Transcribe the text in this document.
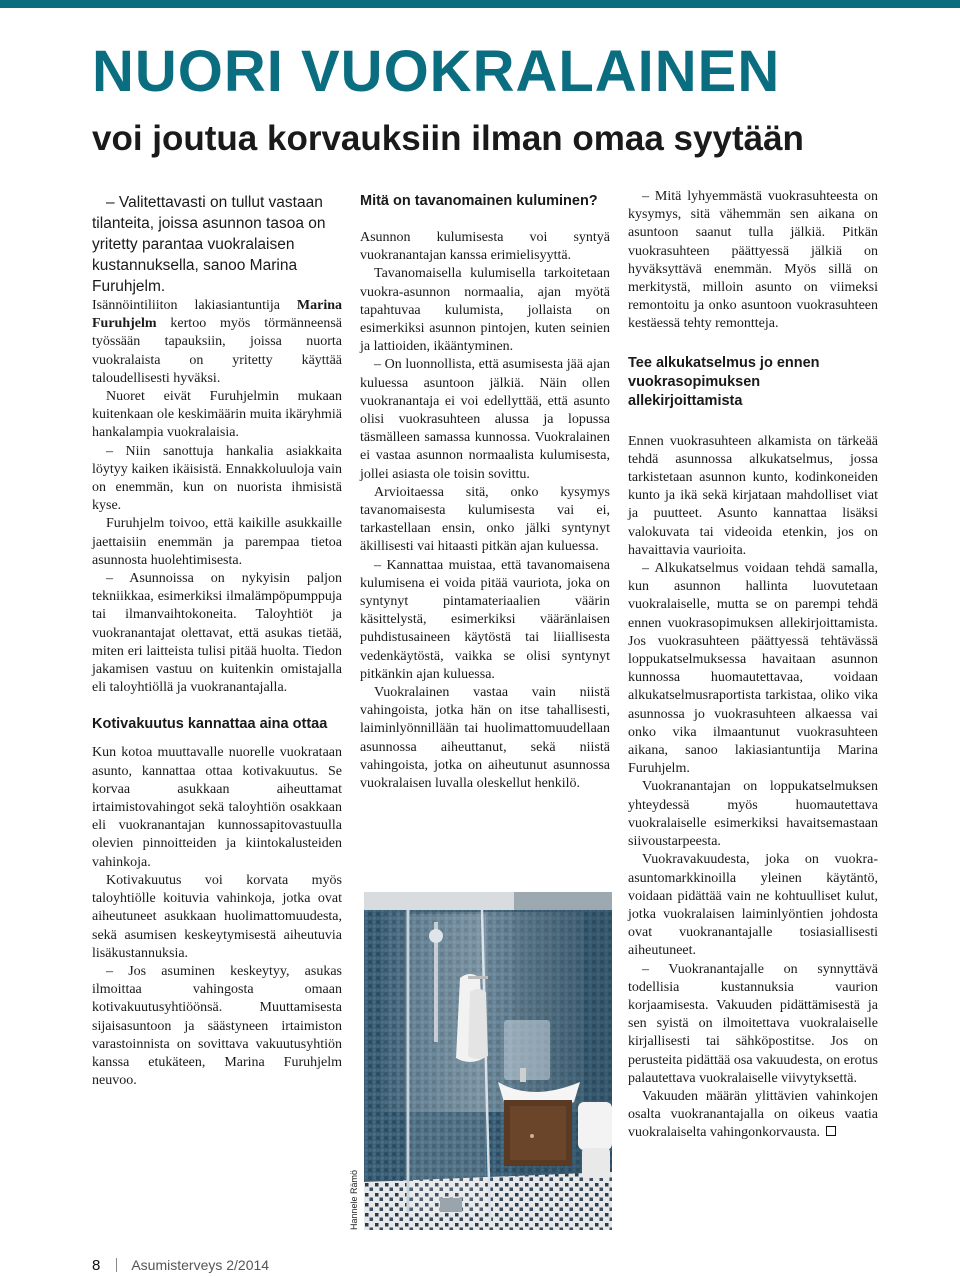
NUORI VUOKRALAINEN
voi joutua korvauksiin ilman omaa syytään

– Valitettavasti on tullut vastaan tilanteita, joissa asunnon tasoa on yritetty parantaa vuokralaisen kustannuksella, sanoo Marina Furuhjelm.

Isännöintiliiton lakiasiantuntija Marina Furuhjelm kertoo myös törmänneensä työssään tapauksiin, joissa nuorta vuokralaista on yritetty käyttää taloudellisesti hyväksi.

Nuoret eivät Furuhjelmin mukaan kuitenkaan ole keskimäärin muita ikäryhmiä hankalampia vuokralaisia.

– Niin sanottuja hankalia asiakkaita löytyy kaiken ikäisistä. Ennakkoluuloja vain on enemmän, kun on nuorista ihmisistä kyse.

Furuhjelm toivoo, että kaikille asukkaille jaettaisiin enemmän ja parempaa tietoa asunnosta huolehtimisesta.

– Asunnoissa on nykyisin paljon tekniikkaa, esimerkiksi ilmalämpöpumppuja tai ilmanvaihtokoneita. Taloyhtiöt ja vuokranantajat olettavat, että asukas tietää, miten eri laitteista tulisi pitää huolta. Tiedon jakamisen vastuu on kuitenkin omistajalla eli taloyhtiöllä ja vuokranantajalla.

Kotivakuutus kannattaa aina ottaa

Kun kotoa muuttavalle nuorelle vuokrataan asunto, kannattaa ottaa kotivakuutus. Se korvaa asukkaan aiheuttamat irtaimistovahingot sekä taloyhtiön osakkaan eli vuokranantajan kunnossapitovastuulla olevien pinnoitteiden ja kiintokalusteiden vahinkoja.

Kotivakuutus voi korvata myös taloyhtiölle koituvia vahinkoja, jotka ovat aiheutuneet asukkaan huolimattomuudesta, sekä asumisen keskeytymisestä aiheutuvia lisäkustannuksia.

– Jos asuminen keskeytyy, asukas ilmoittaa vahingosta omaan kotivakuutusyhtiöönsä. Muuttamisesta sijaisasuntoon ja säästyneen irtaimiston varastoinnista on sovittava vakuutusyhtiön kanssa etukäteen, Marina Furuhjelm neuvoo.

Mitä on tavanomainen kuluminen?

Asunnon kulumisesta voi syntyä vuokranantajan kanssa erimielisyyttä.

Tavanomaisella kulumisella tarkoitetaan vuokra-asunnon normaalia, ajan myötä tapahtuvaa kulumista, jollaista on esimerkiksi asunnon pintojen, kuten seinien ja lattioiden, ikääntyminen.

– On luonnollista, että asumisesta jää ajan kuluessa asuntoon jälkiä. Näin ollen vuokranantaja ei voi edellyttää, että asunto olisi vuokrasuhteen alussa ja lopussa täsmälleen samassa kunnossa. Vuokralainen ei vastaa asunnon normaalista kulumisesta, jollei asiasta ole toisin sovittu.

Arvioitaessa sitä, onko kysymys tavanomaisesta kulumisesta vai ei, tarkastellaan ensin, onko jälki syntynyt äkillisesti vai hitaasti pitkän ajan kuluessa.

– Kannattaa muistaa, että tavanomaisena kulumisena ei voida pitää vauriota, joka on syntynyt pintamateriaalien väärin käsittelystä, esimerkiksi vääränlaisen puhdistusaineen käytöstä tai liiallisesta vedenkäytöstä, vaikka se olisi syntynyt pitkänkin ajan kuluessa.

Vuokralainen vastaa vain niistä vahingoista, jotka hän on itse tahallisesti, laiminlyönnillään tai huolimattomuudellaan asunnossa aiheuttanut, sekä niistä vahingoista, jotka on aiheutunut asunnossa vuokralaisen luvalla oleskellut henkilö.

– Mitä lyhyemmästä vuokrasuhteesta on kysymys, sitä vähemmän sen aikana on asuntoon saanut tulla jälkiä. Pitkän vuokrasuhteen päättyessä jälkiä on hyväksyttävä enemmän. Myös sillä on merkitystä, milloin asunto on viimeksi remontoitu ja onko asuntoon vuokrasuhteen kestäessä tehty remontteja.

Tee alkukatselmus jo ennen vuokrasopimuksen allekirjoittamista

Ennen vuokrasuhteen alkamista on tärkeää tehdä asunnossa alkukatselmus, jossa tarkistetaan asunnon kunto, kodinkoneiden kunto ja ikä sekä kirjataan mahdolliset viat ja puutteet. Asunto kannattaa lisäksi valokuvata tai videoida etenkin, jos on havaittavia vaurioita.

– Alkukatselmus voidaan tehdä samalla, kun asunnon hallinta luovutetaan vuokralaiselle, mutta se on parempi tehdä ennen vuokrasopimuksen allekirjoittamista. Jos vuokrasuhteen päättyessä tehtävässä loppukatselmuksessa havaitaan asunnon kunnossa huomautettavaa, voidaan alkukatselmusraportista tarkistaa, oliko vika asunnossa jo vuokrasuhteen alkaessa vai onko vika ilmaantunut vuokrasuhteen aikana, sanoo lakiasiantuntija Marina Furuhjelm.

Vuokranantajan on loppukatselmuksen yhteydessä myös huomautettava vuokralaiselle esimerkiksi havaitsemastaan siivoustarpeesta.

Vuokravakuudesta, joka on vuokra-asuntomarkkinoilla yleinen käytäntö, voidaan pidättää vain ne kohtuulliset kulut, jotka vuokralaisen laiminlyöntien johdosta ovat vuokranantajalle tosiasiallisesti aiheutuneet.

– Vuokranantajalle on synnyttävä todellisia kustannuksia vaurion korjaamisesta. Vakuuden pidättämisestä ja sen syistä on ilmoitettava vuokralaiselle kirjallisesti tai sähköpostitse. Jos on perusteita pidättää osa vakuudesta, on erotus palautettava vuokralaiselle viivytyksettä.

Vakuuden määrän ylittävien vahinkojen osalta vuokranantajalla on oikeus vaatia vuokralaiselta vahingonkorvausta.

Hannele Rämö
8 Asumisterveys 2/2014
